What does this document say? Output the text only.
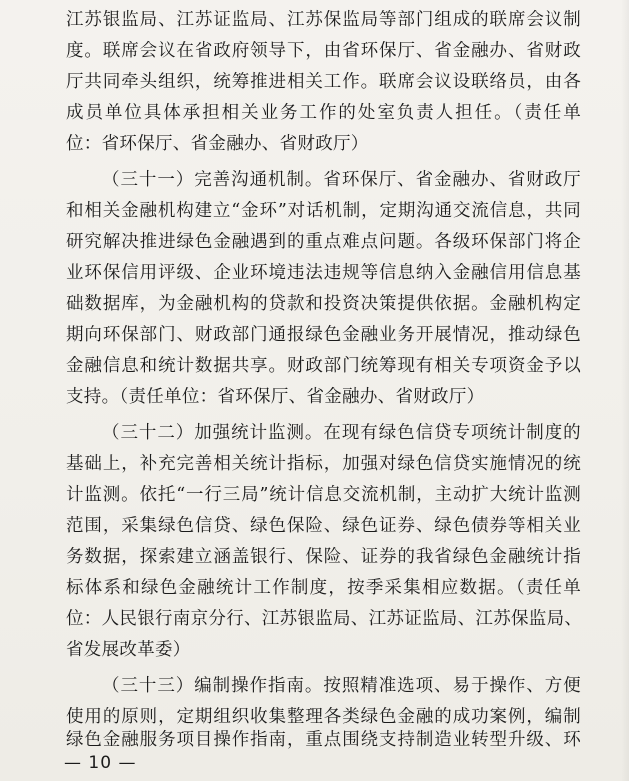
江苏银监局、江苏证监局、江苏保监局等部门组成的联席会议制
度。联席会议在省政府领导下，由省环保厅、省金融办、省财政
厅共同牵头组织，统筹推进相关工作。联席会议设联络员，由各
成员单位具体承担相关业务工作的处室负责人担任。（责任单
位：省环保厅、省金融办、省财政厅）
（三十一）完善沟通机制。省环保厅、省金融办、省财政厅
和相关金融机构建立“金环”对话机制，定期沟通交流信息，共同
研究解决推进绿色金融遇到的重点难点问题。各级环保部门将企
业环保信用评级、企业环境违法违规等信息纳入金融信用信息基
础数据库，为金融机构的贷款和投资决策提供依据。金融机构定
期向环保部门、财政部门通报绿色金融业务开展情况，推动绿色
金融信息和统计数据共享。财政部门统筹现有相关专项资金予以
支持。（责任单位：省环保厅、省金融办、省财政厅）
（三十二）加强统计监测。在现有绿色信贷专项统计制度的
基础上，补充完善相关统计指标，加强对绿色信贷实施情况的统
计监测。依托“一行三局”统计信息交流机制，主动扩大统计监测
范围，采集绿色信贷、绿色保险、绿色证券、绿色债券等相关业
务数据，探索建立涵盖银行、保险、证券的我省绿色金融统计指
标体系和绿色金融统计工作制度，按季采集相应数据。（责任单
位：人民银行南京分行、江苏银监局、江苏证监局、江苏保监局、
省发展改革委）
（三十三）编制操作指南。按照精准选项、易于操作、方便
使用的原则，定期组织收集整理各类绿色金融的成功案例，编制
绿色金融服务项目操作指南，重点围绕支持制造业转型升级、环
— 10 —
